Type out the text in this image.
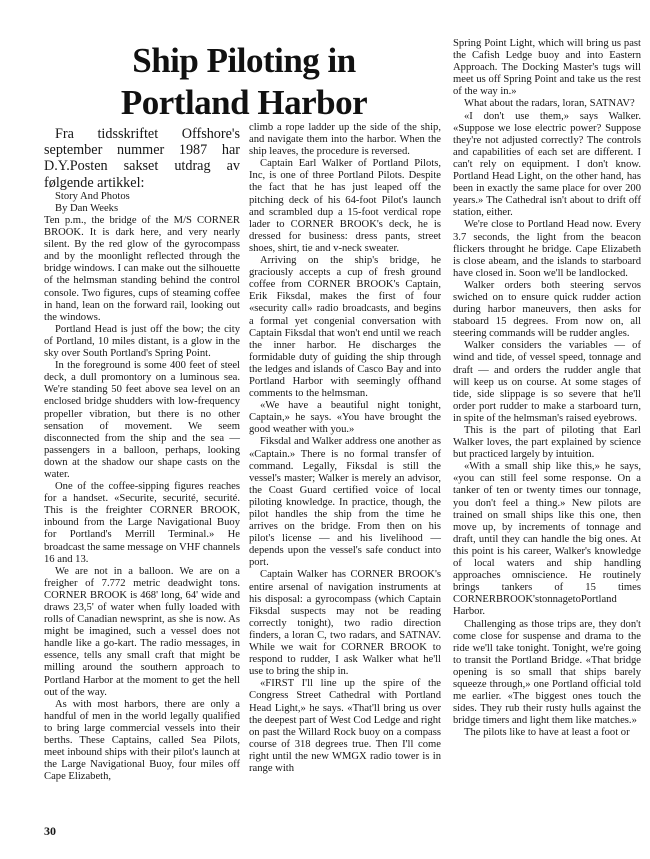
Ship Piloting in
Portland Harbor

Fra tidsskriftet Offshore's september nummer 1987 har D.Y.Posten sakset utdrag av følgende artikkel:

Story And Photos

By Dan Weeks

Ten p.m., the bridge of the M/S CORNER BROOK. It is dark here, and very nearly silent. By the red glow of the gyrocompass and by the moonlight reflected through the bridge windows. I can make out the silhouette of the helmsman standing behind the control console. Two figures, cups of steaming coffee in hand, lean on the forward rail, looking out the windows.

Portland Head is just off the bow; the city of Portland, 10 miles distant, is a glow in the sky over South Portland's Spring Point.

In the foreground is some 400 feet of steel deck, a dull promontory on a luminous sea. We're standing 50 feet above sea level on an enclosed bridge shudders with low-frequency propeller vibration, but there is no other sensation of movement. We seem disconnected from the ship and the sea — passengers in a balloon, perhaps, looking down at the shadow our shape casts on the water.

One of the coffee-sipping figures reaches for a handset. «Securite, securité, securité. This is the freighter CORNER BROOK, inbound from the Large Navigational Buoy for Portland's Merrill Terminal.» He broadcast the same message on VHF channels 16 and 13.

We are not in a balloon. We are on a freigher of 7.772 metric deadwight tons. CORNER BROOK is 468' long, 64' wide and draws 23,5' of water when fully loaded with rolls of Canadian newsprint, as she is now. As might be imagined, such a vessel does not handle like a go-kart. The radio messages, in essence, tells any small craft that might be milling around the southern approach to Portland Harbor at the moment to get the hell out of the way.

As with most harbors, there are only a handful of men in the world legally qualified to bring large commercial vessels into their berths. These Captains, called Sea Pilots, meet inbound ships with their pilot's launch at the Large Navigational Buoy, four miles off Cape Elizabeth,

climb a rope ladder up the side of the ship, and navigate them into the harbor. When the ship leaves, the procedure is reversed.

Captain Earl Walker of Portland Pilots, Inc, is one of three Portland Pilots. Despite the fact that he has just leaped off the pitching deck of his 64-foot Pilot's launch and scrambled dup a 15-foot verdical rope lader to CORNER BROOK's deck, he is dressed for business: dress pants, street shoes, shirt, tie and v-neck sweater.

Arriving on the ship's bridge, he graciously accepts a cup of fresh ground coffee from CORNER BROOK's Captain, Erik Fiksdal, makes the first of four «security call» radio broadcasts, and begins a formal yet congenial conversation with Captain Fiksdal that won't end until we reach the inner harbor. He discharges the formidable duty of guiding the ship through the ledges and islands of Casco Bay and into Portland Harbor with seemingly offhand comments to the helmsman.

«We have a beautiful night tonight, Captain,» he says. «You have brought the good weather with you.»

Fiksdal and Walker address one another as «Captain.» There is no formal transfer of command. Legally, Fiksdal is still the vessel's master; Walker is merely an advisor, the Coast Guard certified voice of local piloting knowledge. In practice, though, the pilot handles the ship from the time he arrives on the bridge. From then on his pilot's license — and his livelihood — depends upon the vessel's safe conduct into port.

Captain Walker has CORNER BROOK's entire arsenal of navigation instruments at his disposal: a gyrocompass (which Captain Fiksdal suspects may not be reading correctly tonight), two radio direction finders, a loran C, two radars, and SATNAV. While we wait for CORNER BROOK to respond to rudder, I ask Walker what he'll use to bring the ship in.

«FIRST I'll line up the spire of the Congress Street Cathedral with Portland Head Light,» he says. «That'll bring us over the deepest part of West Cod Ledge and right on past the Willard Rock buoy on a compass course of 318 degrees true. Then I'll come right until the new WMGX radio tower is in range with

Spring Point Light, which will bring us past the Cafish Ledge buoy and into Eastern Approach. The Docking Master's tugs will meet us off Spring Point and take us the rest of the way in.»

What about the radars, loran, SATNAV?

«I don't use them,» says Walker. «Suppose we lose electric power? Suppose they're not adjusted correctly? The controls and capabilities of each set are different. I can't rely on equipment. I don't know. Portland Head Light, on the other hand, has been in exactly the same place for over 200 years.» The Cathedral isn't about to drift off station, either.

We're close to Portland Head now. Every 3.7 seconds, the light from the beacon flickers throught he bridge. Cape Elizabeth is close abeam, and the islands to starboard have closed in. Soon we'll be landlocked.

Walker orders both steering servos swiched on to ensure quick rudder action during harbor maneuvers, then asks for staboard 15 degrees. From now on, all steering commands will be rudder angles.

Walker considers the variables — of wind and tide, of vessel speed, tonnage and draft — and orders the rudder angle that will keep us on course. At some stages of tide, side slippage is so severe that he'll order port rudder to make a starboard turn, in spite of the helmsman's raised eyebrows.

This is the part of piloting that Earl Walker loves, the part explained by science but practiced largely by intuition.

«With a small ship like this,» he says, «you can still feel some response. On a tanker of ten or twenty times our tonnage, you don't feel a thing.» New pilots are trained on small ships like this one, then move up, by increments of tonnage and draft, until they can handle the big ones. At this point is his career, Walker's knowledge of local waters and ship handling approaches omniscience. He routinely brings tankers of 15 times CORNERBROOK'stonnagetoPortland Harbor.

Challenging as those trips are, they don't come close for suspense and drama to the ride we'll take tonight. Tonight, we're going to transit the Portland Bridge. «That bridge opening is so small that ships barely squeeze through,» one Portland official told me earlier. «The biggest ones touch the sides. They rub their rusty hulls against the bridge timers and light them like matches.»

The pilots like to have at least a foot or

30
